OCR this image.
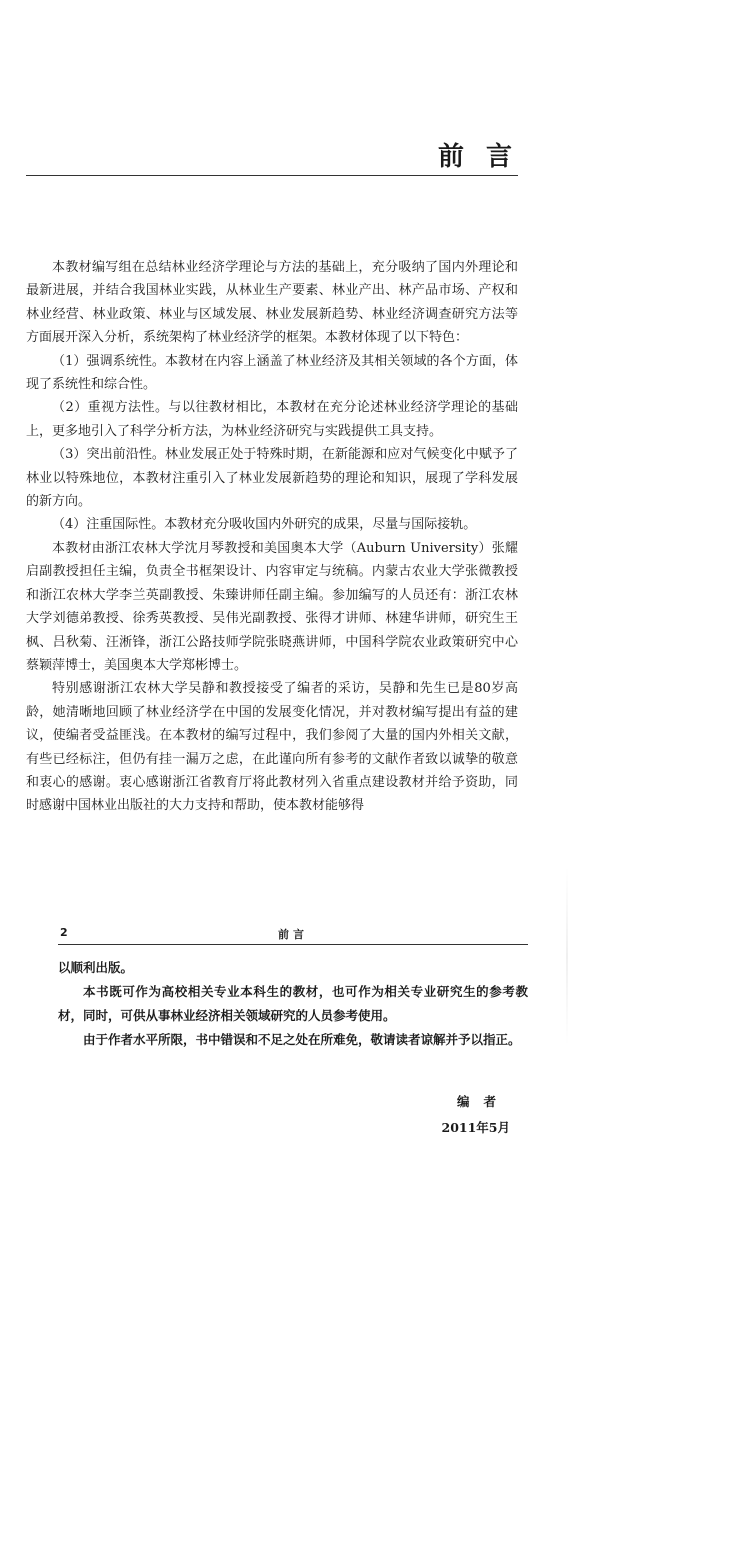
前言

本教材编写组在总结林业经济学理论与方法的基础上，充分吸纳了国内外理论和最新进展，并结合我国林业实践，从林业生产要素、林业产出、林产品市场、产权和林业经营、林业政策、林业与区域发展、林业发展新趋势、林业经济调查研究方法等方面展开深入分析，系统架构了林业经济学的框架。本教材体现了以下特色：

（1）强调系统性。本教材在内容上涵盖了林业经济及其相关领域的各个方面，体现了系统性和综合性。

（2）重视方法性。与以往教材相比，本教材在充分论述林业经济学理论的基础上，更多地引入了科学分析方法，为林业经济研究与实践提供工具支持。

（3）突出前沿性。林业发展正处于特殊时期，在新能源和应对气候变化中赋予了林业以特殊地位，本教材注重引入了林业发展新趋势的理论和知识，展现了学科发展的新方向。

（4）注重国际性。本教材充分吸收国内外研究的成果，尽量与国际接轨。

本教材由浙江农林大学沈月琴教授和美国奥本大学（Auburn University）张耀启副教授担任主编，负责全书框架设计、内容审定与统稿。内蒙古农业大学张微教授和浙江农林大学李兰英副教授、朱臻讲师任副主编。参加编写的人员还有：浙江农林大学刘德弟教授、徐秀英教授、吴伟光副教授、张得才讲师、林建华讲师，研究生王枫、吕秋菊、汪淅锋，浙江公路技师学院张晓燕讲师，中国科学院农业政策研究中心蔡颖萍博士，美国奥本大学郑彬博士。

特别感谢浙江农林大学吴静和教授接受了编者的采访，吴静和先生已是80岁高龄，她清晰地回顾了林业经济学在中国的发展变化情况，并对教材编写提出有益的建议，使编者受益匪浅。在本教材的编写过程中，我们参阅了大量的国内外相关文献，有些已经标注，但仍有挂一漏万之虑，在此谨向所有参考的文献作者致以诚挚的敬意和衷心的感谢。衷心感谢浙江省教育厅将此教材列入省重点建设教材并给予资助，同时感谢中国林业出版社的大力支持和帮助，使本教材能够得

2	前言

以顺利出版。

本书既可作为高校相关专业本科生的教材，也可作为相关专业研究生的参考教材，同时，可供从事林业经济相关领域研究的人员参考使用。

由于作者水平所限，书中错误和不足之处在所难免，敬请读者谅解并予以指正。

编者
2011年5月
